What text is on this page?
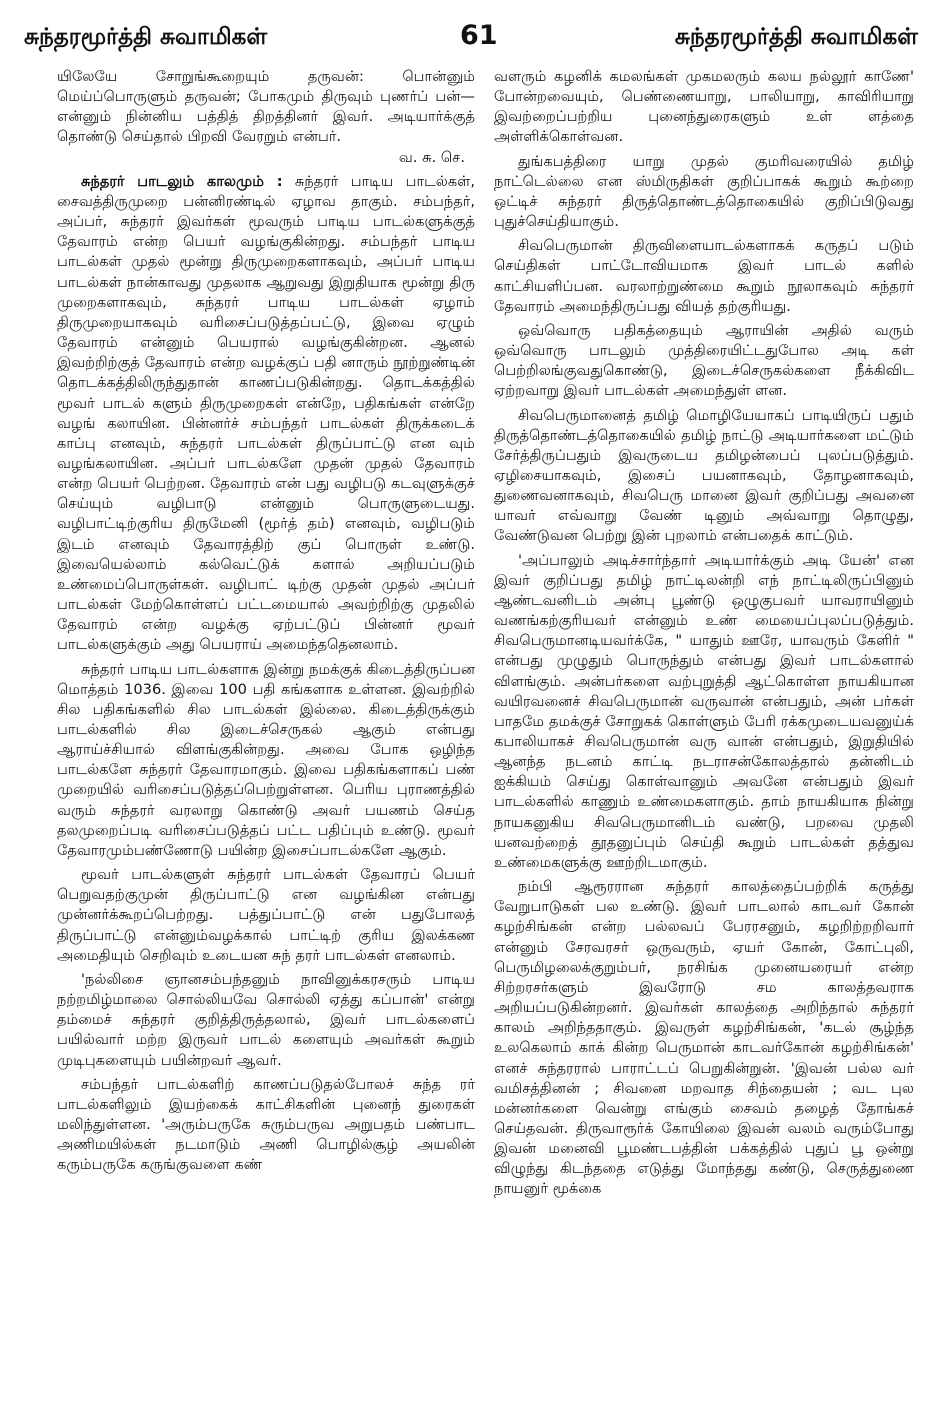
சுந்தரமூர்த்தி சுவாமிகள்	61	சுந்தரமூர்த்தி சுவாமிகள்

யிலேயே சோறுங்கூறையும் தருவன்: பொன்னும் மெய்ப்பொருளும் தருவன்; போகமும் திருவும் புணர்ப் பன்—என்னும் நின்னிய பத்தித் திறத்தினர் இவர். அடியார்க்குத் தொண்டு செய்தால் பிறவி வேரறும் என்பர்.

வ. சு. செ.

சுந்தரர் பாடலும் காலமும் : சுந்தரர் பாடிய பாடல்கள், சைவத்திருமுறை பன்னிரண்டில் ஏழாவ தாகும். சம்பந்தர், அப்பர், சுந்தரர் இவர்கள் மூவரும் பாடிய பாடல்களுக்குத் தேவாரம் என்ற பெயர் வழங்குகின்றது. சம்பந்தர் பாடிய பாடல்கள் முதல் மூன்று திருமுறைகளாகவும், அப்பர் பாடிய பாடல்கள் நான்காவது முதலாக ஆறுவது இறுதியாக மூன்று திரு முறைகளாகவும், சுந்தரர் பாடிய பாடல்கள் ஏழாம் திருமுறையாகவும் வரிசைப்படுத்தப்பட்டு, இவை ஏழும் தேவாரம் என்னும் பெயரால் வழங்குகின்றன. ஆனல் இவற்றிற்குத் தேவாரம் என்ற வழக்குப் பதி னாரும் நூற்றுண்டின் தொடக்கத்திலிருந்துதான் காணப்படுகின்றது. தொடக்கத்தில் மூவர் பாடல் களும் திருமுறைகள் என்றே, பதிகங்கள் என்றே வழங் கலாயின. பின்னர்ச் சம்பந்தர் பாடல்கள் திருக்கடைக் காப்பு எனவும், சுந்தரர் பாடல்கள் திருப்பாட்டு என வும் வழங்கலாயின. அப்பர் பாடல்களே முதன் முதல் தேவாரம் என்ற பெயர் பெற்றன. தேவாரம் என் பது வழிபடு கடவுளுக்குச் செய்யும் வழிபாடு என்னும் பொருளுடையது. வழிபாட்டிற்குரிய திருமேனி (மூர்த் தம்) எனவும், வழிபடும் இடம் எனவும் தேவாரத்திற் குப் பொருள் உண்டு. இவையெல்லாம் கல்வெட்டுக் களால் அறியப்படும் உண்மைப்பொருள்கள். வழிபாட் டிற்கு முதன் முதல் அப்பர் பாடல்கள் மேற்கொள்ளப் பட்டமையால் அவற்றிற்கு முதலில் தேவாரம் என்ற வழக்கு ஏற்பட்டுப் பின்னர் மூவர் பாடல்களுக்கும் அது பெயராய் அமைந்ததெனலாம்.

சுந்தரர் பாடிய பாடல்களாக இன்று நமக்குக் கிடைத்திருப்பன மொத்தம் 1036. இவை 100 பதி கங்களாக உள்ளன. இவற்றில் சில பதிகங்களில் சில பாடல்கள் இல்லை. கிடைத்திருக்கும் பாடல்களில் சில இடைச்செருகல் ஆகும் என்பது ஆராய்ச்சியால் விளங்குகின்றது. அவை போக ஒழிந்த பாடல்களே சுந்தரர் தேவாரமாகும். இவை பதிகங்களாகப் பண் முறையில் வரிசைப்படுத்தப்பெற்றுள்ளன. பெரிய புராணத்தில் வரும் சுந்தரர் வரலாறு கொண்டு அவர் பயணம் செய்த தலமுறைப்படி வரிசைப்படுத்தப் பட்ட பதிப்பும் உண்டு. மூவர் தேவாரமும்பண்ணோடு பயின்ற இசைப்பாடல்களே ஆகும்.

மூவர் பாடல்களுள் சுந்தரர் பாடல்கள் தேவாரப் பெயர் பெறுவதற்குமுன் திருப்பாட்டு என வழங்கின என்பது முன்னர்க்கூறப்பெற்றது. பத்துப்பாட்டு என் பதுபோலத் திருப்பாட்டு என்னும்வழக்கால் பாட்டிற் குரிய இலக்கண அமைதியும் செறிவும் உடையன சுந் தரர் பாடல்கள் எனலாம்.

'நல்லிசை ஞானசம்பந்தனும் நாவினுக்கரசரும் பாடிய நற்றமிழ்மாலை சொல்லியவே சொல்லி ஏத்து கப்பான்' என்று தம்மைச் சுந்தரர் குறித்திருத்தலால், இவர் பாடல்களைப் பயில்வார் மற்ற இருவர் பாடல் களையும் அவர்கள் கூறும் முடிபுகளையும் பயின்றவர் ஆவர்.

சம்பந்தர் பாடல்களிற் காணப்படுதல்போலச் சுந்த ரர் பாடல்களிலும் இயற்கைக் காட்சிகளின் புனைந் துரைகள் மலிந்துள்ளன. 'அரும்பருகே சுரும்பருவ அறுபதம் பண்பாட அணிமயில்கள் நடமாடும் அணி பொழில்சூழ் அயலின் கரும்பருகே கருங்குவளை கண்

வளரும் கழனிக் கமலங்கள் முகமலரும் கலய நல்லூர் காணே' போன்றவையும், பெண்ணையாறு, பாலியாறு, காவிரியாறு இவற்றைப்பற்றிய புனைந்துரைகளும் உள் ளத்தை அள்ளிக்கொள்வன.

துங்கபத்திரை யாறு முதல் குமரிவரையில் தமிழ் நாட்டெல்லை என ஸ்மிருதிகள் குறிப்பாகக் கூறும் கூற்றை ஒட்டிச் சுந்தரர் திருத்தொண்டத்தொகையில் குறிப்பிடுவது புதுச்செய்தியாகும்.

சிவபெருமான் திருவிளையாடல்களாகக் கருதப் படும் செய்திகள் பாட்டோவியமாக இவர் பாடல் களில் காட்சியளிப்பன. வரலாற்றுண்மை கூறும் நூலாகவும் சுந்தரர் தேவாரம் அமைந்திருப்பது வியத் தற்குரியது.

ஒவ்வொரு பதிகத்தையும் ஆராயின் அதில் வரும் ஒவ்வொரு பாடலும் முத்திரையிட்டதுபோல அடி கள் பெற்றிலங்குவதுகொண்டு, இடைச்செருகல்களை நீக்கிவிட ஏற்றவாறு இவர் பாடல்கள் அமைந்துள் ளன.

சிவபெருமானைத் தமிழ் மொழியேயாகப் பாடியிருப் பதும் திருத்தொண்டத்தொகையில் தமிழ் நாட்டு அடியார்களை மட்டும் சேர்த்திருப்பதும் இவருடைய தமிழன்பைப் புலப்படுத்தும். ஏழிசையாகவும், இசைப் பயனாகவும், தோழனாகவும், துணைவனாகவும், சிவபெரு மானை இவர் குறிப்பது அவனை யாவர் எவ்வாறு வேண் டினும் அவ்வாறு தொழுது, வேண்டுவன பெற்று இன் புறலாம் என்பதைக் காட்டும்.

'அப்பாலும் அடிச்சார்ந்தார் அடியார்க்கும் அடி யேன்' என இவர் குறிப்பது தமிழ் நாட்டிலன்றி எந் நாட்டிலிருப்பினும் ஆண்டவனிடம் அன்பு பூண்டு ஒழுகுபவர் யாவராயினும் வணங்கற்குரியவர் என்னும் உண் மையைப்புலப்படுத்தும். சிவபெருமானடியவர்க்கே, " யாதும் ஊரே, யாவரும் கேளிர் " என்பது முழுதும் பொருந்தும் என்பது இவர் பாடல்களால் விளங்கும். அன்பர்களை வற்புறுத்தி ஆட்கொள்ள நாயகியான வயிரவனைச் சிவபெருமான் வருவான் என்பதும், அன் பர்கள் பாதமே தமக்குச் சோறுகக் கொள்ளும் பேரி ரக்கமுடையவனுய்க் கபாலியாகச் சிவபெருமான் வரு வான் என்பதும், இறுதியில் ஆனந்த நடனம் காட்டி நடராசன்கோலத்தால் தன்னிடம் ஐக்கியம் செய்து கொள்வானும் அவனே என்பதும் இவர் பாடல்களில் காணும் உண்மைகளாகும். தாம் நாயகியாக நின்று நாயகனுகிய சிவபெருமானிடம் வண்டு, பறவை முதலி யனவற்றைத் தூதனுப்பும் செய்தி கூறும் பாடல்கள் தத்துவ உண்மைகளுக்கு ஊற்றிடமாகும்.

நம்பி ஆரூரரான சுந்தரர் காலத்தைப்பற்றிக் கருத்து வேறுபாடுகள் பல உண்டு. இவர் பாடலால் காடவர் கோன் கழற்சிங்கன் என்ற பல்லவப் பேரரசனும், கழறிற்றறிவார் என்னும் சேரவரசர் ஒருவரும், ஏயர் கோன், கோட்புலி, பெருமிழலைக்குறும்பர், நரசிங்க முனையரையர் என்ற சிற்றரசர்களும் இவரோடு சம காலத்தவராக அறியப்படுகின்றனர். இவர்கள் காலத்தை அறிந்தால் சுந்தரர் காலம் அறிந்ததாகும். இவருள் கழற்சிங்கன், 'கடல் சூழ்ந்த உலகெலாம் காக் கின்ற பெருமான் காடவர்கோன் கழற்சிங்கன்' எனச் சுந்தரரால் பாராட்டப் பெறுகின்றுன். 'இவன் பல்ல வர் வமிசத்தினன் ; சிவனை மறவாத சிந்தையன் ; வட புல மன்னர்களை வென்று எங்கும் சைவம் தழைத் தோங்கச் செய்தவன். திருவாரூர்க் கோயிலை இவன் வலம் வரும்போது இவன் மனைவி பூமண்டபத்தின் பக்கத்தில் புதுப் பூ ஒன்று விழுந்து கிடந்ததை எடுத்து மோந்தது கண்டு, செருத்துணை நாயனுர் மூக்கை
